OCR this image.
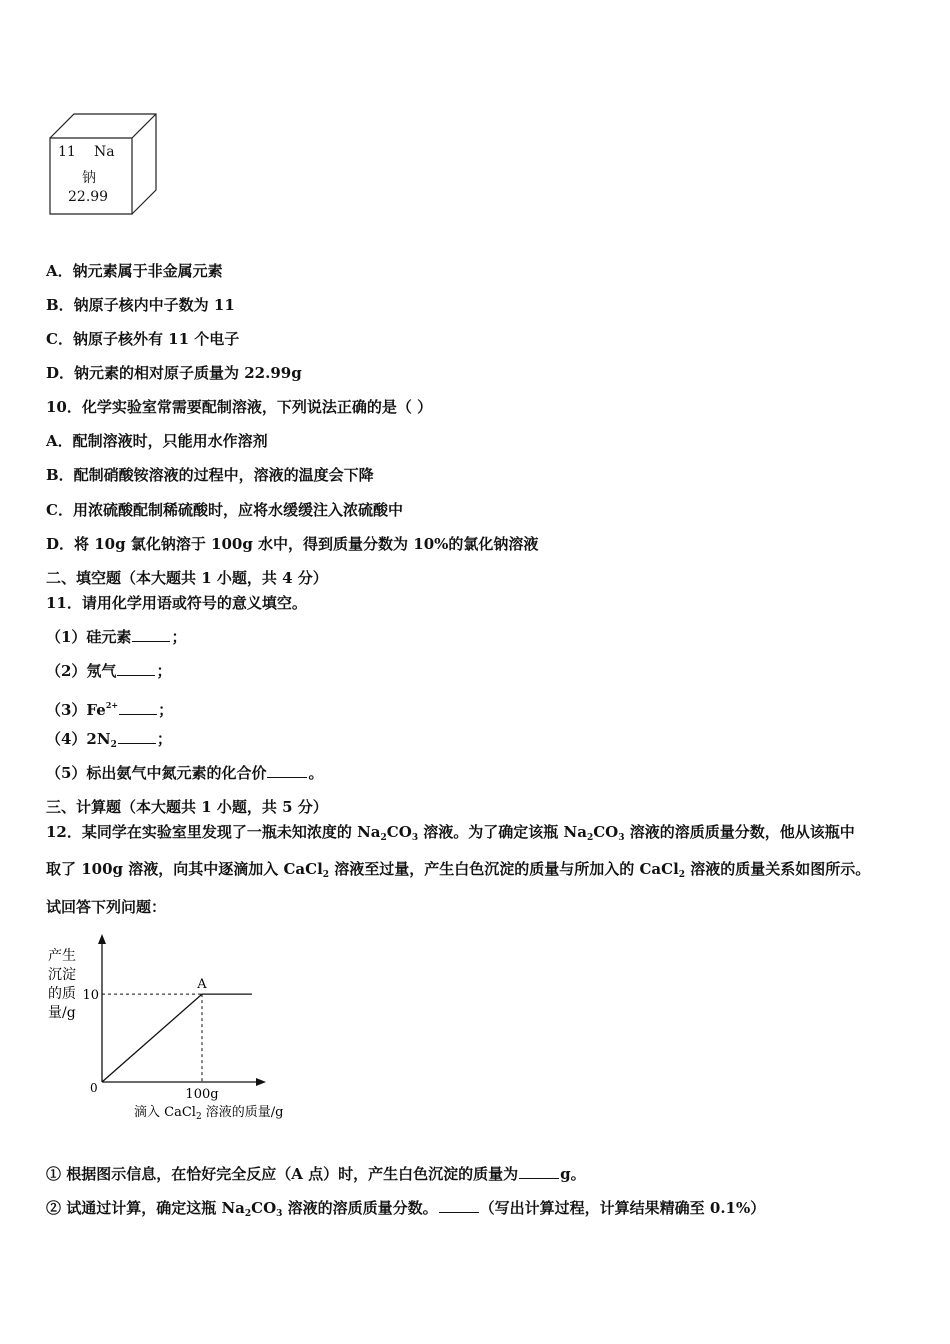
11 Na
钠
22.99
A．钠元素属于非金属元素
B．钠原子核内中子数为 11
C．钠原子核外有 11 个电子
D．钠元素的相对原子质量为 22.99g
10．化学实验室常需要配制溶液，下列说法正确的是（ ）
A．配制溶液时，只能用水作溶剂
B．配制硝酸铵溶液的过程中，溶液的温度会下降
C．用浓硫酸配制稀硫酸时，应将水缓缓注入浓硫酸中
D．将 10g 氯化钠溶于 100g 水中，得到质量分数为 10%的氯化钠溶液
二、填空题（本大题共 1 小题，共 4 分）
11．请用化学用语或符号的意义填空。
（1）硅元素	；
（2）氖气	；
$(3)Fe^{2+}$	；
$(4)2N_2$	；
（5）标出氨气中氮元素的化合价	。
三、计算题（本大题共 1 小题，共 5 分）
12．某同学在实验室里发现了一瓶未知浓度的 $Na_2CO_3$ 溶液。为了确定该瓶 $Na_2CO_3$ 溶液的溶质质量分数，他从该瓶中
取了 100g 溶液，向其中逐滴加入 CaCl$_2$ 溶液至过量，产生白色沉淀的质量与所加入的 CaCl$_2$ 溶液的质量关系如图所示。
试回答下列问题：
产生
沉淀
的质
量/g
0
10
100g
A
滴入 CaCl$_2$ 溶液的质量/g
① 根据图示信息，在恰好完全反应（A 点）时，产生白色沉淀的质量为	g。
② 试通过计算，确定这瓶 $Na_2CO_3$ 溶液的溶质质量分数。	（写出计算过程，计算结果精确至 0.1%）
